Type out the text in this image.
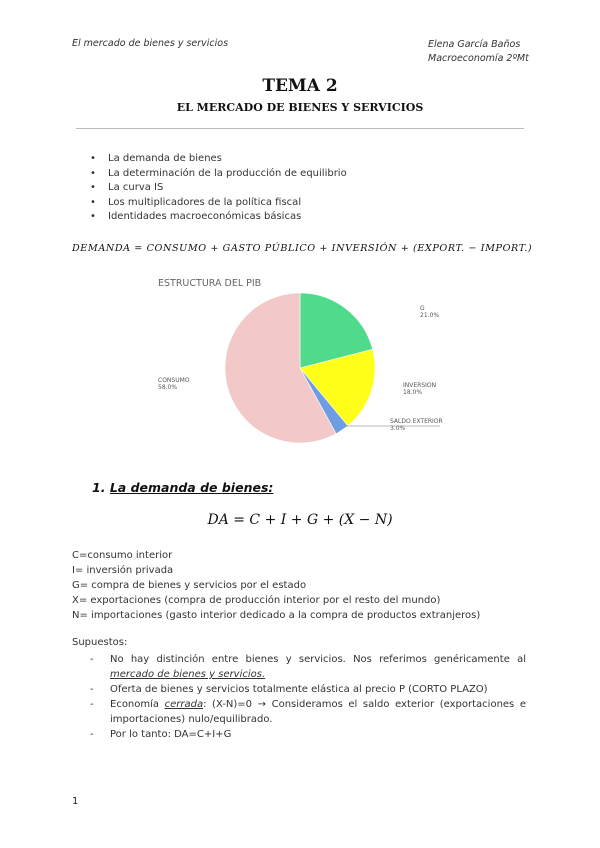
El mercado de bienes y servicios	Elena García Baños
Macroeconomía 2ºMt
TEMA 2
EL MERCADO DE BIENES Y SERVICIOS
• La demanda de bienes
• La determinación de la producción de equilibrio
• La curva IS
• Los multiplicadores de la política fiscal
• Identidades macroeconómicas básicas
DEMANDA = CONSUMO + GASTO PÚBLICO + INVERSIÓN + (EXPORT. − IMPORT.)
ESTRUCTURA DEL PIB
G
21.0%
INVERSION
18.0%
SALDO EXTERIOR
3.0%
CONSUMO
58.0%
1. La demanda de bienes:
DA = C + I + G + (X − N)
C=consumo interior
I= inversión privada
G= compra de bienes y servicios por el estado
X= exportaciones (compra de producción interior por el resto del mundo)
N= importaciones (gasto interior dedicado a la compra de productos extranjeros)
Supuestos:
- No hay distinción entre bienes y servicios. Nos referimos genéricamente al mercado de bienes y servicios.
- Oferta de bienes y servicios totalmente elástica al precio P (CORTO PLAZO)
- Economía cerrada: (X-N)=0 → Consideramos el saldo exterior (exportaciones e importaciones) nulo/equilibrado.
- Por lo tanto: DA=C+I+G
1
